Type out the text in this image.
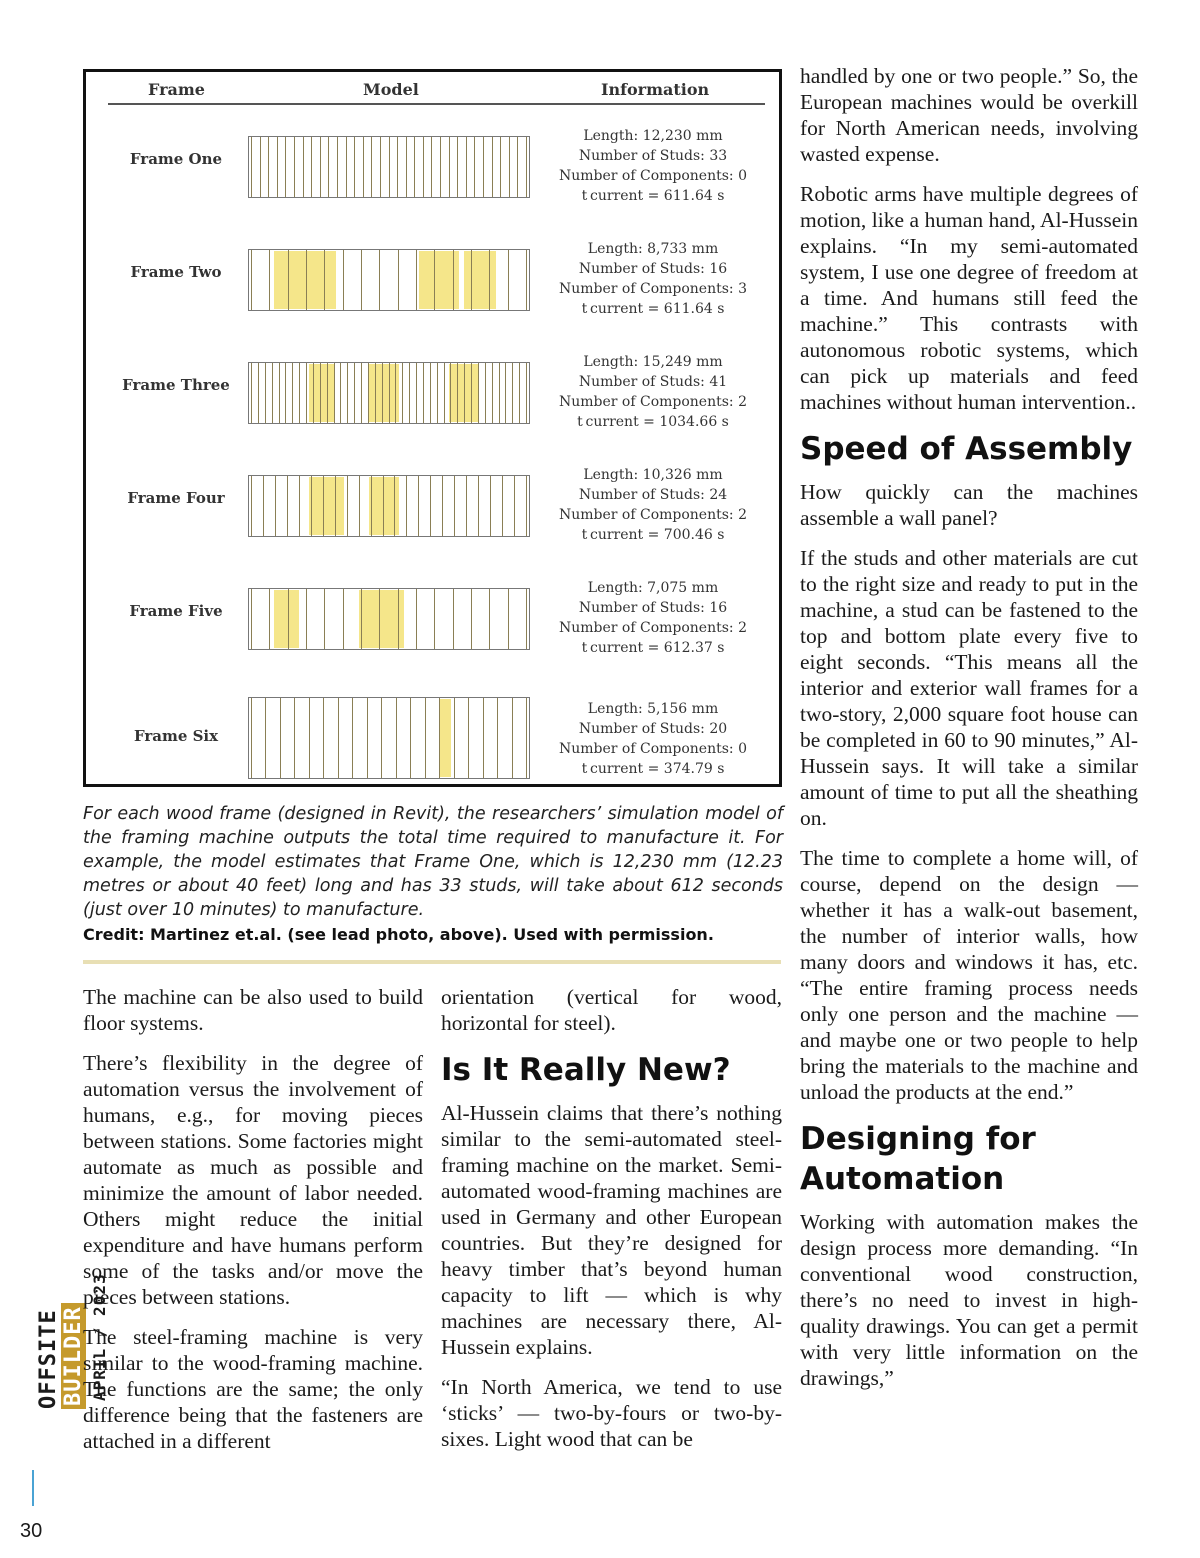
OFFSITEBUILDER APRIL / 2023
30
Frame	Model	Information
Frame One
Length: 12,230 mm
Number of Studs: 33
Number of Components: 0
t current = 611.64 s
Frame Two
Length: 8,733 mm
Number of Studs: 16
Number of Components: 3
t current = 611.64 s
Frame Three
Length: 15,249 mm
Number of Studs: 41
Number of Components: 2
t current = 1034.66 s
Frame Four
Length: 10,326 mm
Number of Studs: 24
Number of Components: 2
t current = 700.46 s
Frame Five
Length: 7,075 mm
Number of Studs: 16
Number of Components: 2
t current = 612.37 s
Frame Six
Length: 5,156 mm
Number of Studs: 20
Number of Components: 0
t current = 374.79 s
For each wood frame (designed in Revit), the researchers’ simulation model of the framing machine outputs the total time required to manufacture it. For example, the model estimates that Frame One, which is 12,230 mm (12.23 metres or about 40 feet) long and has 33 studs, will take about 612 seconds (just over 10 minutes) to manufacture.
Credit: Martinez et.al. (see lead photo, above). Used with permission.

The machine can be also used to build floor systems.

There’s flexibility in the degree of automation versus the involvement of humans, e.g., for moving pieces between stations. Some factories might automate as much as possible and minimize the amount of labor needed. Others might reduce the initial expenditure and have humans perform some of the tasks and/or move the pieces between stations.

The steel-framing machine is very similar to the wood-framing machine. The functions are the same; the only difference being that the fasteners are attached in a different

orientation (vertical for wood, horizontal for steel).

Is It Really New?

Al-Hussein claims that there’s nothing similar to the semi-automated steel-framing machine on the market. Semi-automated wood-framing machines are used in Germany and other European countries. But they’re designed for heavy timber that’s beyond human capacity to lift — which is why machines are necessary there, Al-Hussein explains.

“In North America, we tend to use ‘sticks’ — two-by-fours or two-by-sixes. Light wood that can be

handled by one or two people.” So, the European machines would be overkill for North American needs, involving wasted expense.

Robotic arms have multiple degrees of motion, like a human hand, Al-Hussein explains. “In my semi-automated system, I use one degree of freedom at a time. And humans still feed the machine.” This contrasts with autonomous robotic systems, which can pick up materials and feed machines without human intervention..

Speed of Assembly

How quickly can the machines assemble a wall panel?

If the studs and other materials are cut to the right size and ready to put in the machine, a stud can be fastened to the top and bottom plate every five to eight seconds. “This means all the interior and exterior wall frames for a two-story, 2,000 square foot house can be completed in 60 to 90 minutes,” Al-Hussein says. It will take a similar amount of time to put all the sheathing on.

The time to complete a home will, of course, depend on the design — whether it has a walk-out basement, the number of interior walls, how many doors and windows it has, etc. “The entire framing process needs only one person and the machine — and maybe one or two people to help bring the materials to the machine and unload the products at the end.”

Designing for Automation

Working with automation makes the design process more demanding. “In conventional wood construction, there’s no need to invest in high-quality drawings. You can get a permit with very little information on the drawings,”
